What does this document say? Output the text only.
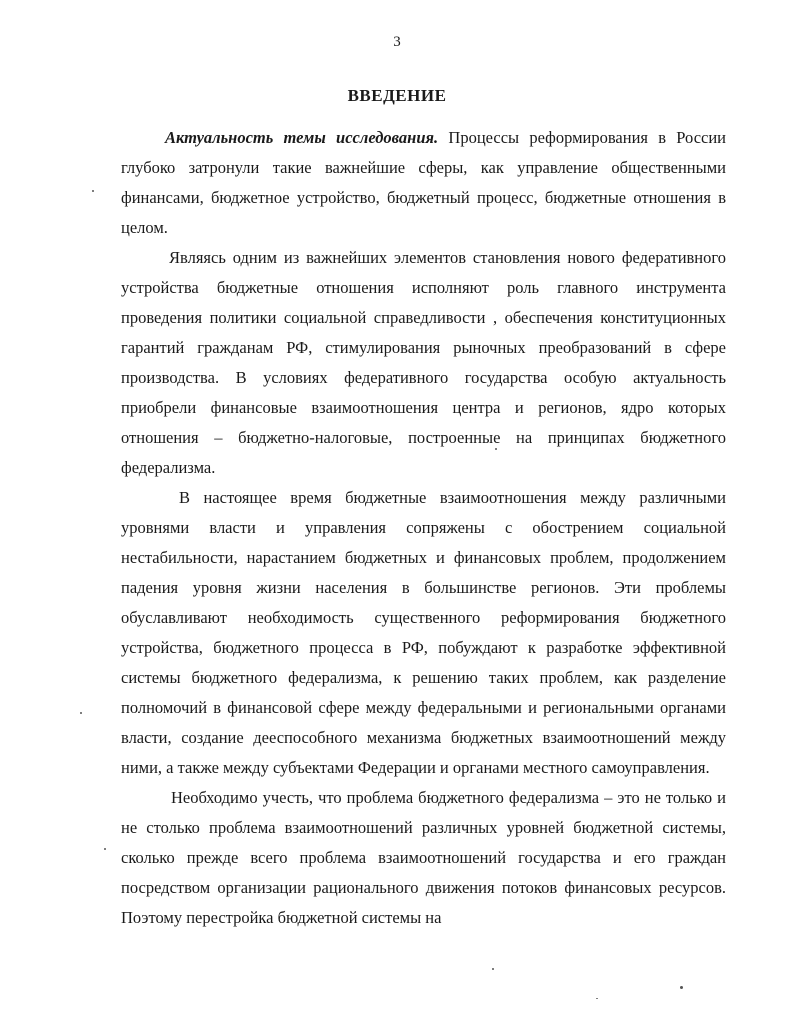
3
ВВЕДЕНИЕ

Актуальность темы исследования. Процессы реформирования в России глубоко затронули такие важнейшие сферы, как управление общественными финансами, бюджетное устройство, бюджетный процесс, бюджетные отношения в целом.

Являясь одним из важнейших элементов становления нового федеративного устройства бюджетные отношения исполняют роль главного инструмента проведения политики социальной справедливости , обеспечения конституционных гарантий гражданам РФ, стимулирования рыночных преобразований в сфере производства. В условиях федеративного государства особую актуальность приобрели финансовые взаимоотношения центра и регионов, ядро которых отношения – бюджетно-налоговые, построенные на принципах бюджетного федерализма.

В настоящее время бюджетные взаимоотношения между различными уровнями власти и управления сопряжены с обострением социальной нестабильности, нарастанием бюджетных и финансовых проблем, продолжением падения уровня жизни населения в большинстве регионов. Эти проблемы обуславливают необходимость существенного реформирования бюджетного устройства, бюджетного процесса в РФ, побуждают к разработке эффективной системы бюджетного федерализма, к решению таких проблем, как разделение полномочий в финансовой сфере между федеральными и региональными органами власти, создание дееспособного механизма бюджетных взаимоотношений между ними, а также между субъектами Федерации и органами местного самоуправления.

Необходимо учесть, что проблема бюджетного федерализма – это не только и не столько проблема взаимоотношений различных уровней бюджетной системы, сколько прежде всего проблема взаимоотношений государства и его граждан посредством организации рационального движения потоков финансовых ресурсов. Поэтому перестройка бюджетной системы на
